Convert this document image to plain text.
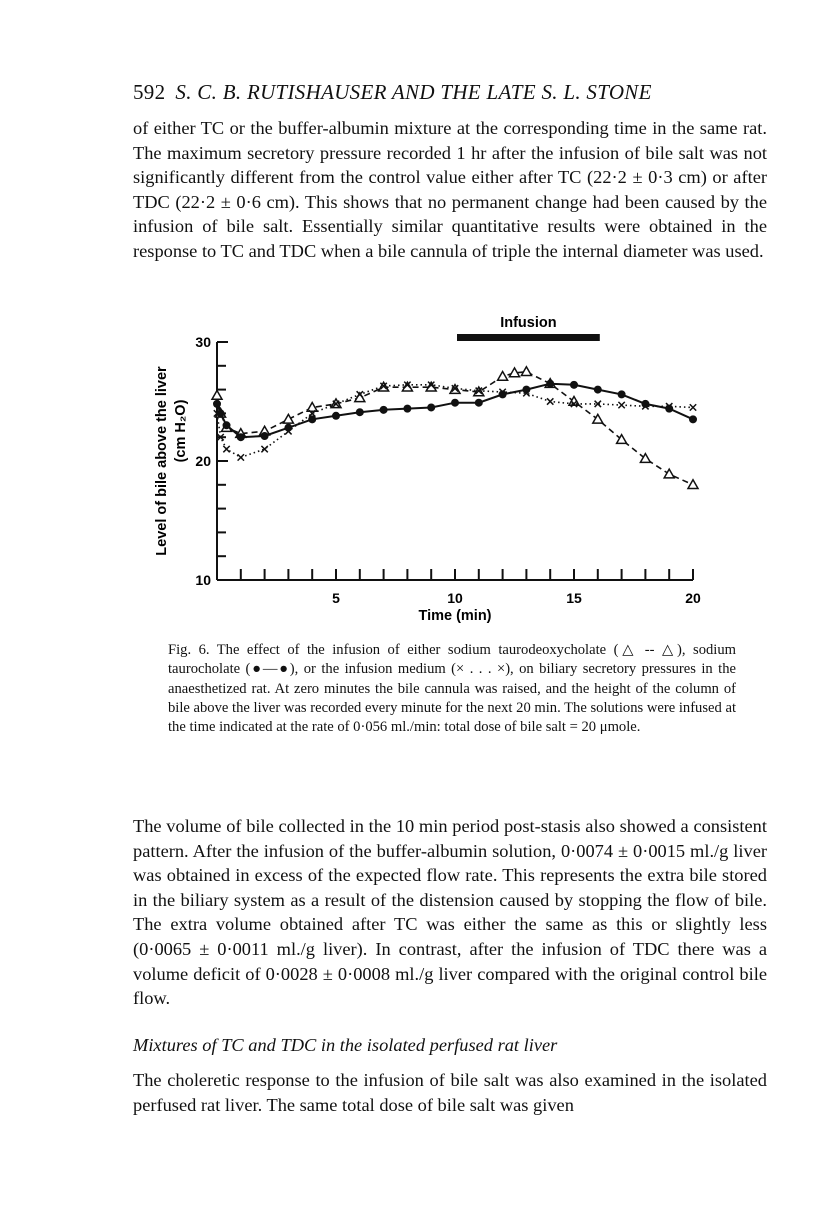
592 S. C. B. RUTISHAUSER AND THE LATE S. L. STONE
of either TC or the buffer-albumin mixture at the corresponding time in the same rat. The maximum secretory pressure recorded 1 hr after the infusion of bile salt was not significantly different from the control value either after TC (22·2 ± 0·3 cm) or after TDC (22·2 ± 0·6 cm). This shows that no permanent change had been caused by the infusion of bile salt. Essentially similar quantitative results were obtained in the response to TC and TDC when a bile cannula of triple the internal diameter was used.
5	10	15	20
10
20
30
Time (min)
Level of bile above the liver (cm H₂O)
Infusion
Fig. 6. The effect of the infusion of either sodium taurodeoxycholate (△ -- △), sodium taurocholate (●—●), or the infusion medium (× . . . ×), on biliary secretory pressures in the anaesthetized rat. At zero minutes the bile cannula was raised, and the height of the column of bile above the liver was recorded every minute for the next 20 min. The solutions were infused at the time indicated at the rate of 0·056 ml./min: total dose of bile salt = 20 μmole.
The volume of bile collected in the 10 min period post-stasis also showed a consistent pattern. After the infusion of the buffer-albumin solution, 0·0074 ± 0·0015 ml./g liver was obtained in excess of the expected flow rate. This represents the extra bile stored in the biliary system as a result of the distension caused by stopping the flow of bile. The extra volume obtained after TC was either the same as this or slightly less (0·0065 ± 0·0011 ml./g liver). In contrast, after the infusion of TDC there was a volume deficit of 0·0028 ± 0·0008 ml./g liver compared with the original control bile flow.
Mixtures of TC and TDC in the isolated perfused rat liver
The choleretic response to the infusion of bile salt was also examined in the isolated perfused rat liver. The same total dose of bile salt was given
